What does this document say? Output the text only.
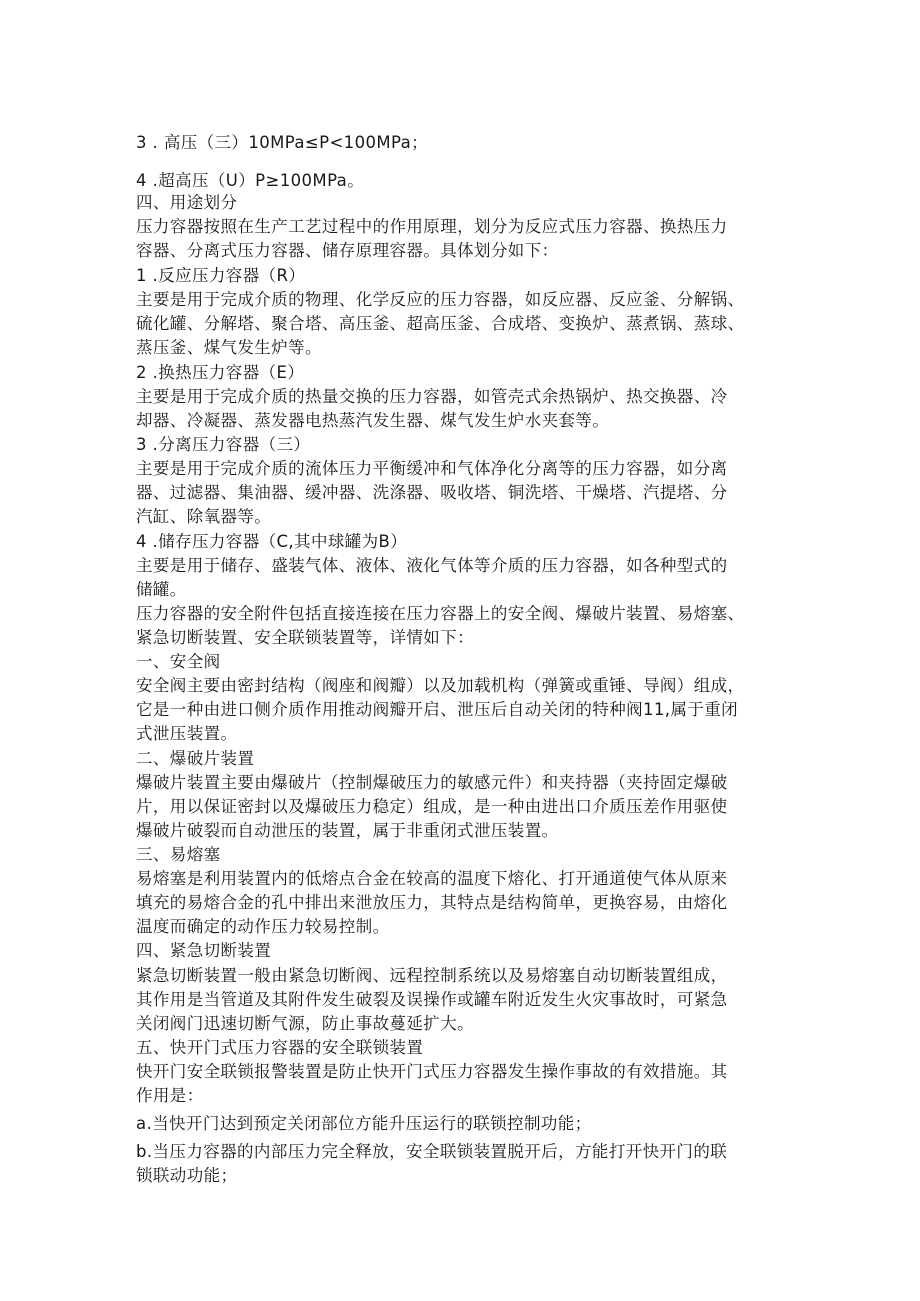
3 . 高压（三）10MPa≤P<100MPa；
4 .超高压（U）P≥100MPa。
四、用途划分
压力容器按照在生产工艺过程中的作用原理，划分为反应式压力容器、换热压力
容器、分离式压力容器、储存原理容器。具体划分如下：
1 .反应压力容器（R）
主要是用于完成介质的物理、化学反应的压力容器，如反应器、反应釜、分解锅、
硫化罐、分解塔、聚合塔、高压釜、超高压釜、合成塔、变换炉、蒸煮锅、蒸球、
蒸压釜、煤气发生炉等。
2 .换热压力容器（E）
主要是用于完成介质的热量交换的压力容器，如管壳式余热锅炉、热交换器、冷
却器、冷凝器、蒸发器电热蒸汽发生器、煤气发生炉水夹套等。
3 .分离压力容器（三）
主要是用于完成介质的流体压力平衡缓冲和气体净化分离等的压力容器，如分离
器、过滤器、集油器、缓冲器、洗涤器、吸收塔、铜洗塔、干燥塔、汽提塔、分
汽缸、除氧器等。
4 .储存压力容器（C,其中球罐为B）
主要是用于储存、盛装气体、液体、液化气体等介质的压力容器，如各种型式的
储罐。
压力容器的安全附件包括直接连接在压力容器上的安全阀、爆破片装置、易熔塞、
紧急切断装置、安全联锁装置等，详情如下：
一、安全阀
安全阀主要由密封结构（阀座和阀瓣）以及加载机构（弹簧或重锤、导阀）组成，
它是一种由进口侧介质作用推动阀瓣开启、泄压后自动关闭的特种阀11,属于重闭
式泄压装置。
二、爆破片装置
爆破片装置主要由爆破片（控制爆破压力的敏感元件）和夹持器（夹持固定爆破
片，用以保证密封以及爆破压力稳定）组成，是一种由进出口介质压差作用驱使
爆破片破裂而自动泄压的装置，属于非重闭式泄压装置。
三、易熔塞
易熔塞是利用装置内的低熔点合金在较高的温度下熔化、打开通道使气体从原来
填充的易熔合金的孔中排出来泄放压力，其特点是结构简单，更换容易，由熔化
温度而确定的动作压力较易控制。
四、紧急切断装置
紧急切断装置一般由紧急切断阀、远程控制系统以及易熔塞自动切断装置组成，
其作用是当管道及其附件发生破裂及误操作或罐车附近发生火灾事故时，可紧急
关闭阀门迅速切断气源，防止事故蔓延扩大。
五、快开门式压力容器的安全联锁装置
快开门安全联锁报警装置是防止快开门式压力容器发生操作事故的有效措施。其
作用是：
a.当快开门达到预定关闭部位方能升压运行的联锁控制功能；
b.当压力容器的内部压力完全释放，安全联锁装置脱开后，方能打开快开门的联
锁联动功能；
